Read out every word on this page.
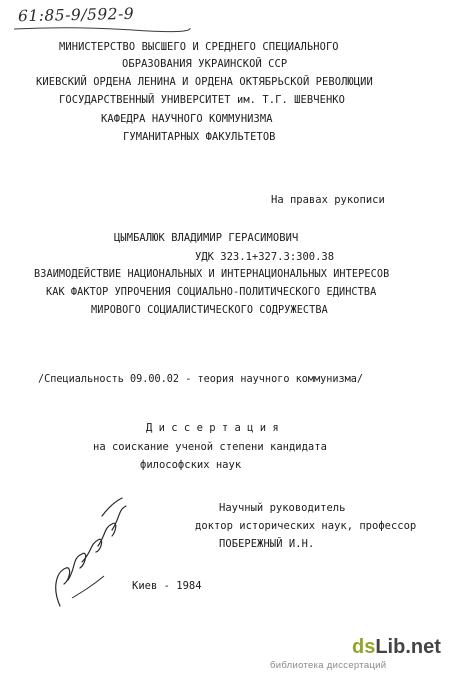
61:85-9/592-9
МИНИСТЕРСТВО ВЫСШЕГО И СРЕДНЕГО СПЕЦИАЛЬНОГО
ОБРАЗОВАНИЯ УКРАИНСКОЙ ССР
КИЕВСКИЙ ОРДЕНА ЛЕНИНА И ОРДЕНА ОКТЯБРЬСКОЙ РЕВОЛЮЦИИ
ГОСУДАРСТВЕННЫЙ УНИВЕРСИТЕТ им. Т.Г. ШЕВЧЕНКО
КАФЕДРА НАУЧНОГО КОММУНИЗМА
ГУМАНИТАРНЫХ ФАКУЛЬТЕТОВ
На правах рукописи
ЦЫМБАЛЮК ВЛАДИМИР ГЕРАСИМОВИЧ
УДК 323.1+327.3:300.38
ВЗАИМОДЕЙСТВИЕ НАЦИОНАЛЬНЫХ И ИНТЕРНАЦИОНАЛЬНЫХ ИНТЕРЕСОВ
КАК ФАКТОР УПРОЧЕНИЯ СОЦИАЛЬНО-ПОЛИТИЧЕСКОГО ЕДИНСТВА
МИРОВОГО СОЦИАЛИСТИЧЕСКОГО СОДРУЖЕСТВА
/Специальность 09.00.02 - теория научного коммунизма/
Д и с с е р т а ц и я
на соискание ученой степени кандидата
философских наук
Научный руководитель
доктор исторических наук, профессор
ПОБЕРЕЖНЫЙ И.Н.
Киев - 1984
dsLib.net
библиотека диссертаций
